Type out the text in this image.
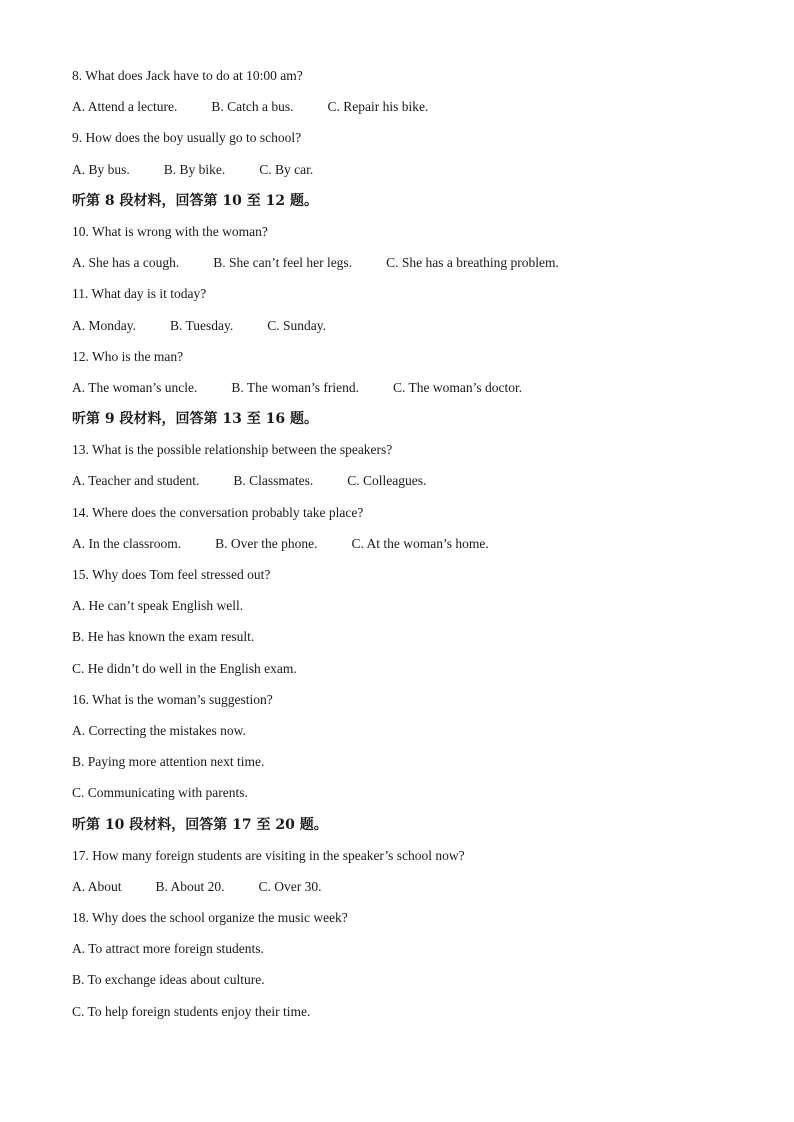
8. What does Jack have to do at 10:00 am?
A. Attend a lecture.	B. Catch a bus.	C. Repair his bike.
9. How does the boy usually go to school?
A. By bus.	B. By bike.	C. By car.
听第 8 段材料，回答第 10 至 12 题。
10. What is wrong with the woman?
A. She has a cough.	B. She can’t feel her legs.	C. She has a breathing problem.
11. What day is it today?
A. Monday.	B. Tuesday.	C. Sunday.
12. Who is the man?
A. The woman’s uncle.	B. The woman’s friend.	C. The woman’s doctor.
听第 9 段材料，回答第 13 至 16 题。
13. What is the possible relationship between the speakers?
A. Teacher and student.	B. Classmates.	C. Colleagues.
14. Where does the conversation probably take place?
A. In the classroom.	B. Over the phone.	C. At the woman’s home.
15. Why does Tom feel stressed out?
A. He can’t speak English well.
B. He has known the exam result.
C. He didn’t do well in the English exam.
16. What is the woman’s suggestion?
A. Correcting the mistakes now.
B. Paying more attention next time.
C. Communicating with parents.
听第 10 段材料，回答第 17 至 20 题。
17. How many foreign students are visiting in the speaker’s school now?
A. About	B. About 20.	C. Over 30.
18. Why does the school organize the music week?
A. To attract more foreign students.
B. To exchange ideas about culture.
C. To help foreign students enjoy their time.
